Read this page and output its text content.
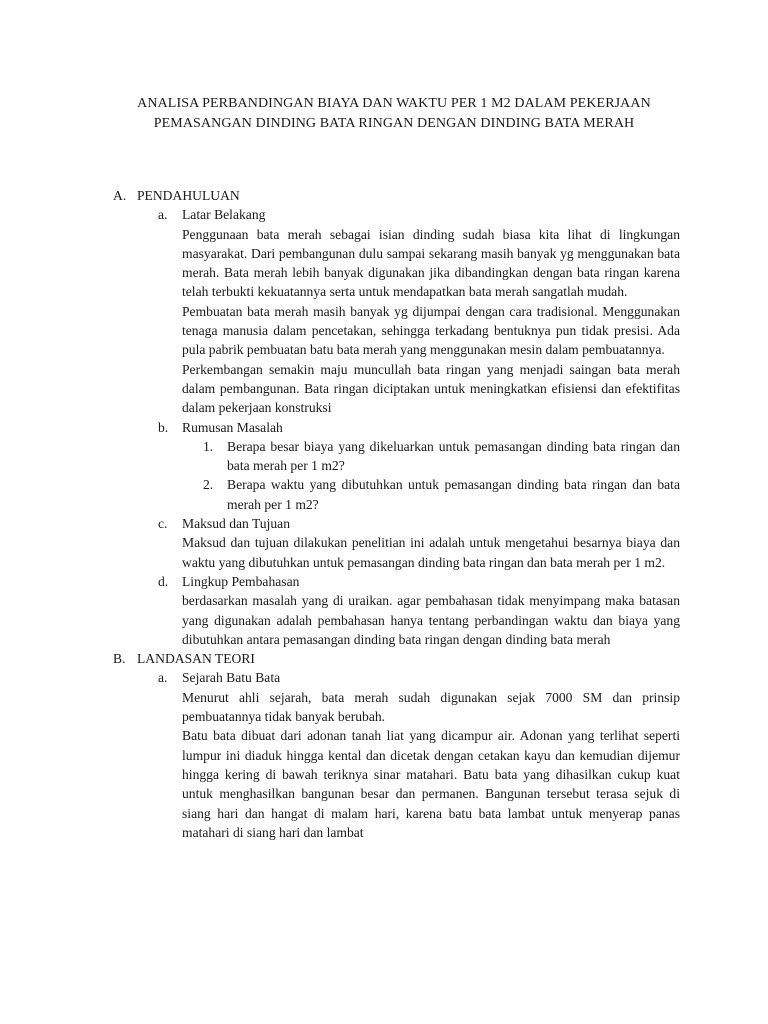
ANALISA PERBANDINGAN BIAYA DAN WAKTU PER 1 M2 DALAM PEKERJAAN
PEMASANGAN DINDING BATA RINGAN DENGAN DINDING BATA MERAH
A. PENDAHULUAN
a. Latar Belakang

Penggunaan bata merah sebagai isian dinding sudah biasa kita lihat di lingkungan masyarakat. Dari pembangunan dulu sampai sekarang masih banyak yg menggunakan bata merah. Bata merah lebih banyak digunakan jika dibandingkan dengan bata ringan karena telah terbukti kekuatannya serta untuk mendapatkan bata merah sangatlah mudah.

Pembuatan bata merah masih banyak yg dijumpai dengan cara tradisional. Menggunakan tenaga manusia dalam pencetakan, sehingga terkadang bentuknya pun tidak presisi. Ada pula pabrik pembuatan batu bata merah yang menggunakan mesin dalam pembuatannya.

Perkembangan semakin maju muncullah bata ringan yang menjadi saingan bata merah dalam pembangunan. Bata ringan diciptakan untuk meningkatkan efisiensi dan efektifitas dalam pekerjaan konstruksi

b. Rumusan Masalah
1. Berapa besar biaya yang dikeluarkan untuk pemasangan dinding bata ringan dan bata merah per 1 m2?
2. Berapa waktu yang dibutuhkan untuk pemasangan dinding bata ringan dan bata merah per 1 m2?
c. Maksud dan Tujuan

Maksud dan tujuan dilakukan penelitian ini adalah untuk mengetahui besarnya biaya dan waktu yang dibutuhkan untuk pemasangan dinding bata ringan dan bata merah per 1 m2.

d. Lingkup Pembahasan

berdasarkan masalah yang di uraikan. agar pembahasan tidak menyimpang maka batasan yang digunakan adalah pembahasan hanya tentang perbandingan waktu dan biaya yang dibutuhkan antara pemasangan dinding bata ringan dengan dinding bata merah

B. LANDASAN TEORI
a. Sejarah Batu Bata

Menurut ahli sejarah, bata merah sudah digunakan sejak 7000 SM dan prinsip pembuatannya tidak banyak berubah.

Batu bata dibuat dari adonan tanah liat yang dicampur air. Adonan yang terlihat seperti lumpur ini diaduk hingga kental dan dicetak dengan cetakan kayu dan kemudian dijemur hingga kering di bawah teriknya sinar matahari. Batu bata yang dihasilkan cukup kuat untuk menghasilkan bangunan besar dan permanen. Bangunan tersebut terasa sejuk di siang hari dan hangat di malam hari, karena batu bata lambat untuk menyerap panas matahari di siang hari dan lambat
